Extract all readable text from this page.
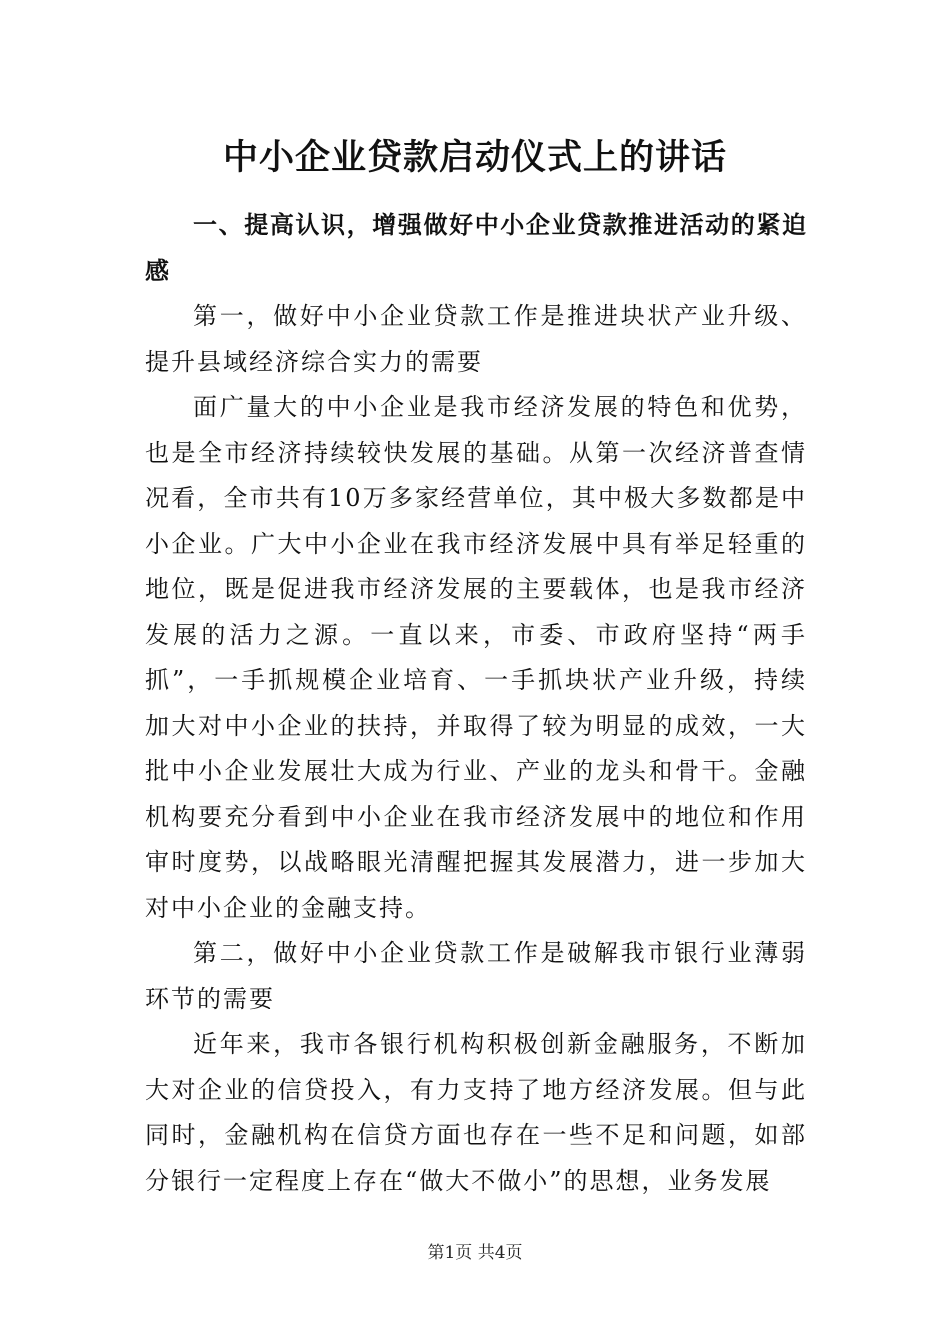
中小企业贷款启动仪式上的讲话

一、提高认识，增强做好中小企业贷款推进活动的紧迫感

第一，做好中小企业贷款工作是推进块状产业升级、提升县域经济综合实力的需要

面广量大的中小企业是我市经济发展的特色和优势，也是全市经济持续较快发展的基础。从第一次经济普查情况看，全市共有10万多家经营单位，其中极大多数都是中小企业。广大中小企业在我市经济发展中具有举足轻重的地位，既是促进我市经济发展的主要载体，也是我市经济发展的活力之源。一直以来，市委、市政府坚持“两手抓”，一手抓规模企业培育、一手抓块状产业升级，持续加大对中小企业的扶持，并取得了较为明显的成效，一大批中小企业发展壮大成为行业、产业的龙头和骨干。金融机构要充分看到中小企业在我市经济发展中的地位和作用审时度势，以战略眼光清醒把握其发展潜力，进一步加大对中小企业的金融支持。

第二，做好中小企业贷款工作是破解我市银行业薄弱环节的需要

近年来，我市各银行机构积极创新金融服务，不断加大对企业的信贷投入，有力支持了地方经济发展。但与此同时，金融机构在信贷方面也存在一些不足和问题，如部分银行一定程度上存在“做大不做小”的思想，业务发展

第1页 共4页
